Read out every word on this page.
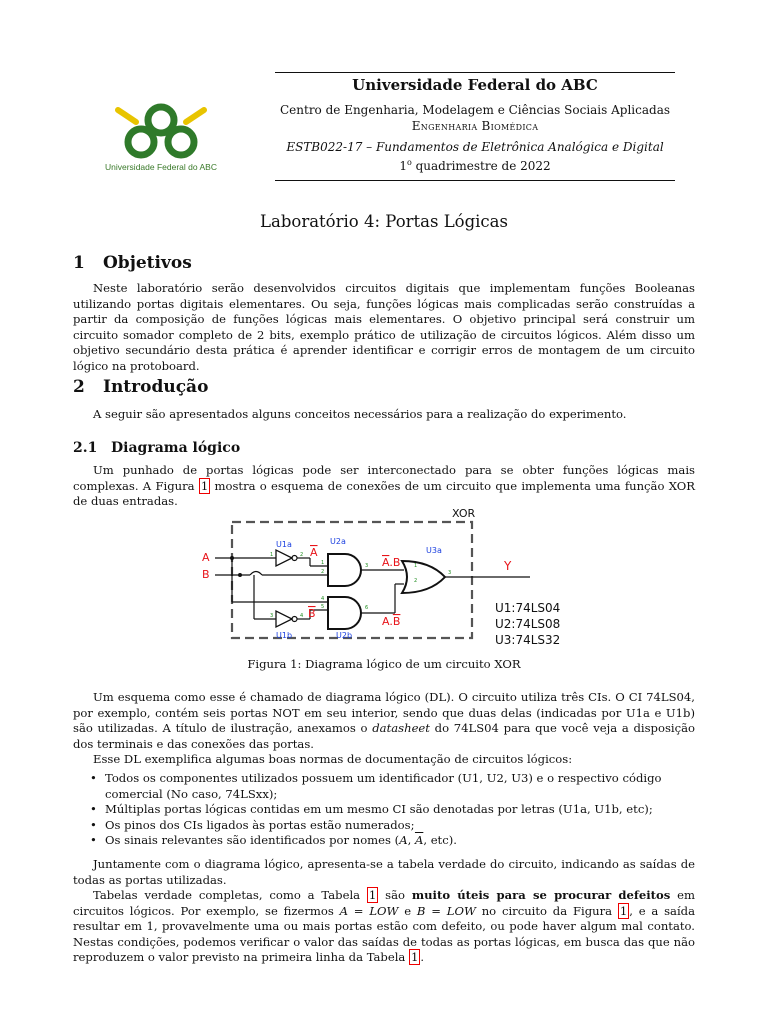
Universidade Federal do ABC
Universidade Federal do ABC
Centro de Engenharia, Modelagem e Ciências Sociais Aplicadas
Engenharia Biomédica
ESTB022-17 – Fundamentos de Eletrônica Analógica e Digital
1$^o$ quadrimestre de 2022
Laboratório 4: Portas Lógicas
1 Objetivos

Neste laboratório serão desenvolvidos circuitos digitais que implementam funções Booleanas utilizando portas digitais elementares. Ou seja, funções lógicas mais complicadas serão construídas a partir da composição de funções lógicas mais elementares. O objetivo principal será construir um circuito somador completo de 2 bits, exemplo prático de utilização de circuitos lógicos. Além disso um objetivo secundário desta prática é aprender identificar e corrigir erros de montagem de um circuito lógico na protoboard.

2 Introdução

A seguir são apresentados alguns conceitos necessários para a realização do experimento.

2.1 Diagrama lógico

Um punhado de portas lógicas pode ser interconectado para se obter funções lógicas mais complexas. A Figura 1 mostra o esquema de conexões de um circuito que implementa uma função XOR de duas entradas.

XOR
A
B
U1a
1	2 A
U1b
3	4 B
U2a
1
2
3 A.B
U2b
4
5	6
A.B
U3a
1
2
3	Y
U1:74LS04
U2:74LS08
U3:74LS32
Figura 1: Diagrama lógico de um circuito XOR

Um esquema como esse é chamado de diagrama lógico (DL). O circuito utiliza três CIs. O CI 74LS04, por exemplo, contém seis portas NOT em seu interior, sendo que duas delas (indicadas por U1a e U1b) são utilizadas. A título de ilustração, anexamos o datasheet do 74LS04 para que você veja a disposição dos terminais e das conexões das portas.

Esse DL exemplifica algumas boas normas de documentação de circuitos lógicos:

• Todos os componentes utilizados possuem um identificador (U1, U2, U3) e o respectivo código comercial (No caso, 74LSxx);
• Múltiplas portas lógicas contidas em um mesmo CI são denotadas por letras (U1a, U1b, etc);
• Os pinos dos CIs ligados às portas estão numerados;
• Os sinais relevantes são identificados por nomes (A, $\overline{A}$, etc).

Juntamente com o diagrama lógico, apresenta-se a tabela verdade do circuito, indicando as saídas de todas as portas utilizadas.

Tabelas verdade completas, como a Tabela 1 são muito úteis para se procurar defeitos em circuitos lógicos. Por exemplo, se fizermos A = LOW e B = LOW no circuito da Figura 1 , e a saída resultar em 1, provavelmente uma ou mais portas estão com defeito, ou pode haver algum mal contato. Nestas condições, podemos verificar o valor das saídas de todas as portas lógicas, em busca das que não reproduzem o valor previsto na primeira linha da Tabela 1 .
